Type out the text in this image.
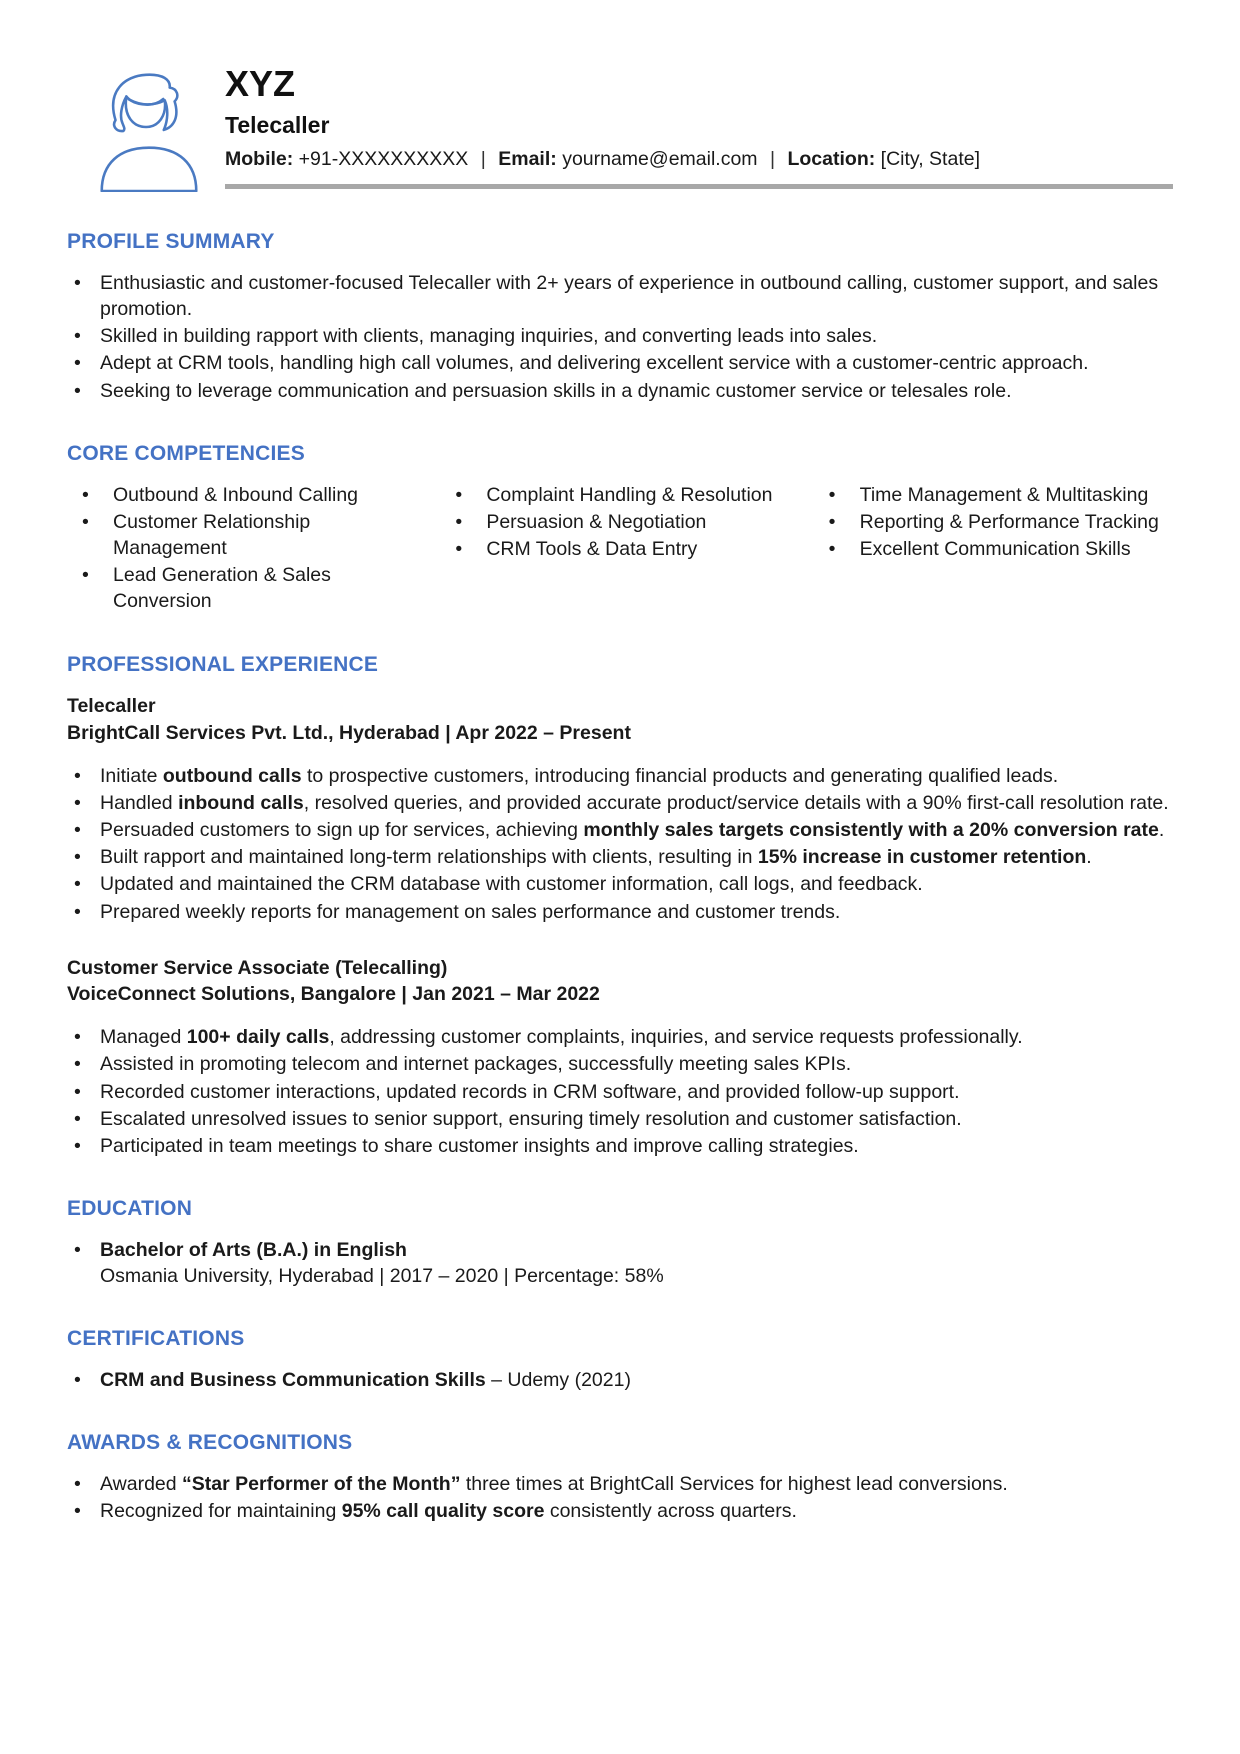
XYZ
Telecaller

Mobile: +91-XXXXXXXXXX | Email: yourname@email.com | Location: [City, State]

PROFILE SUMMARY
• Enthusiastic and customer-focused Telecaller with 2+ years of experience in outbound calling, customer support, and sales promotion.
• Skilled in building rapport with clients, managing inquiries, and converting leads into sales.
• Adept at CRM tools, handling high call volumes, and delivering excellent service with a customer-centric approach.
• Seeking to leverage communication and persuasion skills in a dynamic customer service or telesales role.
CORE COMPETENCIES
• Outbound & Inbound Calling
• Customer Relationship Management
• Lead Generation & Sales Conversion
• Complaint Handling & Resolution
• Persuasion & Negotiation
• CRM Tools & Data Entry
• Time Management & Multitasking
• Reporting & Performance Tracking
• Excellent Communication Skills
PROFESSIONAL EXPERIENCE
Telecaller
BrightCall Services Pvt. Ltd., Hyderabad | Apr 2022 – Present
• Initiate outbound calls to prospective customers, introducing financial products and generating qualified leads.
• Handled inbound calls, resolved queries, and provided accurate product/service details with a 90% first-call resolution rate.
• Persuaded customers to sign up for services, achieving monthly sales targets consistently with a 20% conversion rate.
• Built rapport and maintained long-term relationships with clients, resulting in 15% increase in customer retention.
• Updated and maintained the CRM database with customer information, call logs, and feedback.
• Prepared weekly reports for management on sales performance and customer trends.
Customer Service Associate (Telecalling)
VoiceConnect Solutions, Bangalore | Jan 2021 – Mar 2022
• Managed 100+ daily calls, addressing customer complaints, inquiries, and service requests professionally.
• Assisted in promoting telecom and internet packages, successfully meeting sales KPIs.
• Recorded customer interactions, updated records in CRM software, and provided follow-up support.
• Escalated unresolved issues to senior support, ensuring timely resolution and customer satisfaction.
• Participated in team meetings to share customer insights and improve calling strategies.
EDUCATION
• Bachelor of Arts (B.A.) in English
Osmania University, Hyderabad | 2017 – 2020 | Percentage: 58%
CERTIFICATIONS
• CRM and Business Communication Skills – Udemy (2021)
AWARDS & RECOGNITIONS
• Awarded “Star Performer of the Month” three times at BrightCall Services for highest lead conversions.
• Recognized for maintaining 95% call quality score consistently across quarters.
